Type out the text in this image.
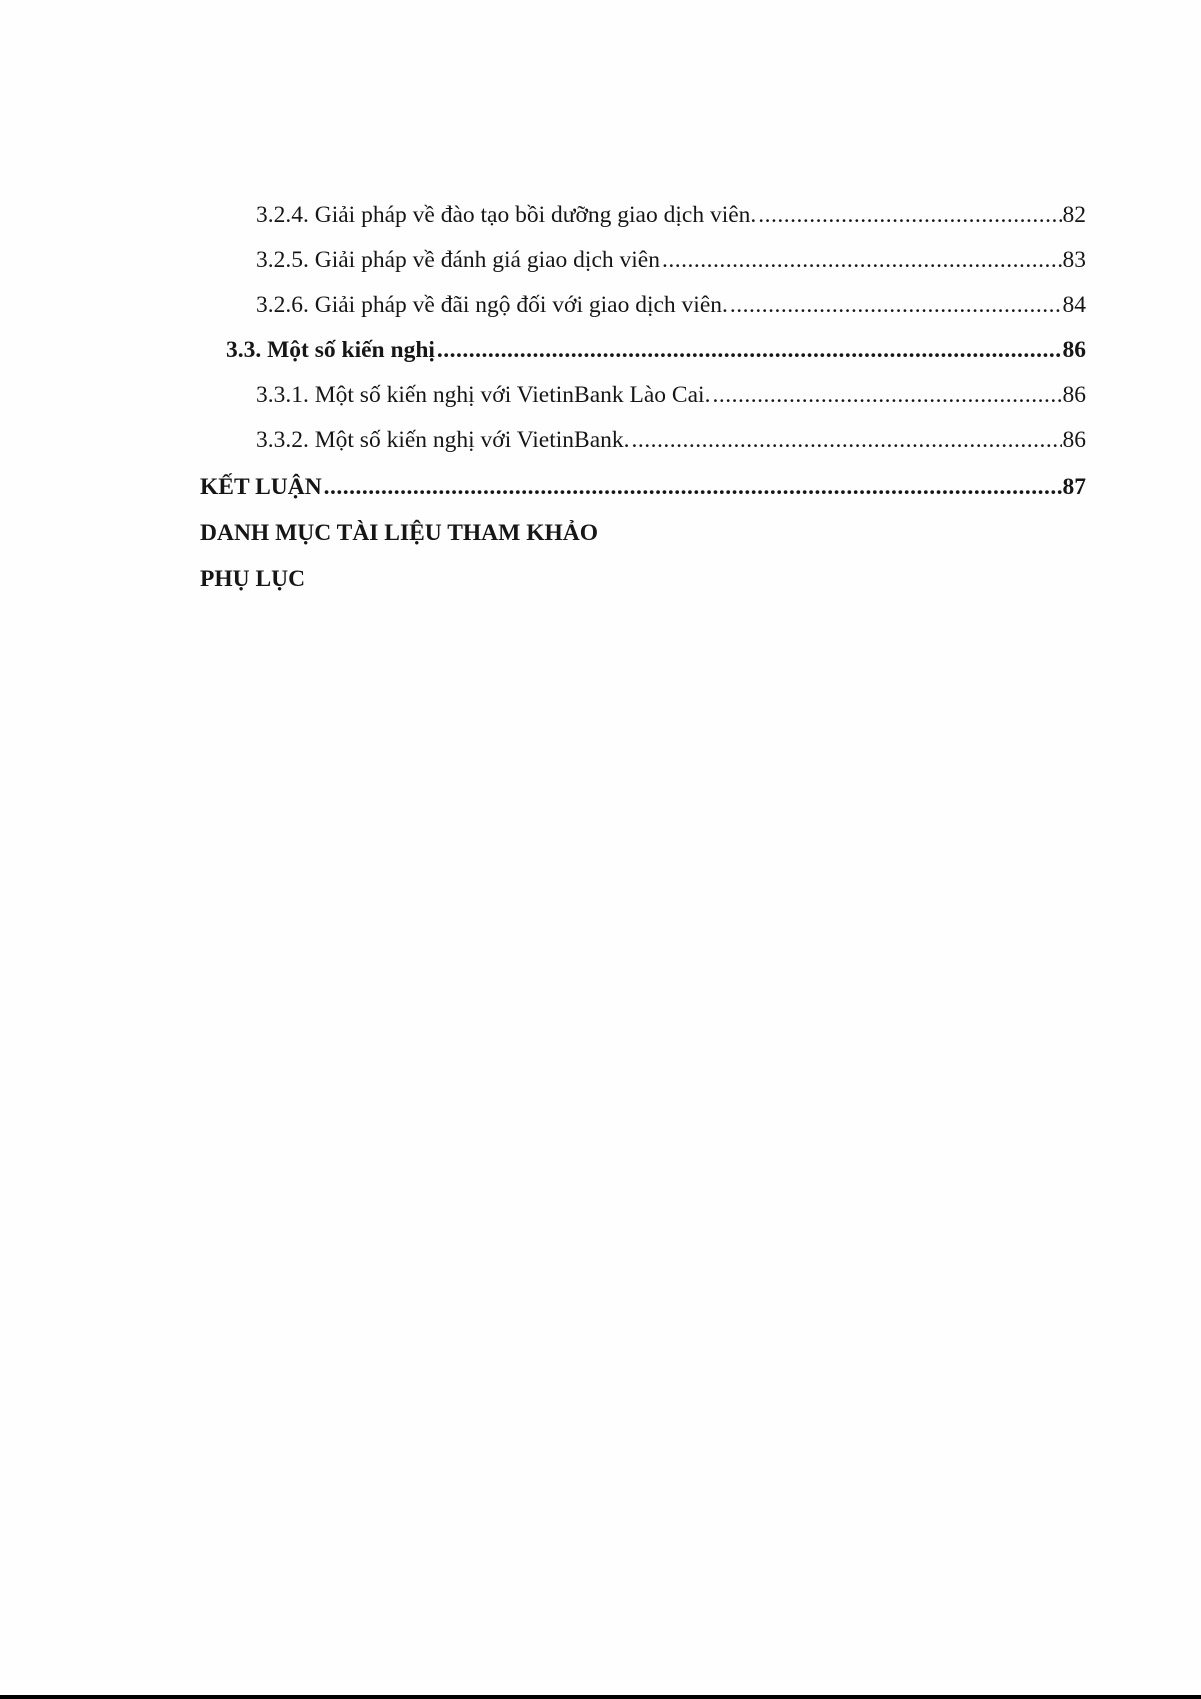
3.2.4. Giải pháp về đào tạo bồi dưỡng giao dịch viên. .....	82
3.2.5. Giải pháp về đánh giá giao dịch viên .....	83
3.2.6. Giải pháp về đãi ngộ đối với giao dịch viên. .....	84
3.3. Một số kiến nghị .....	86
3.3.1. Một số kiến nghị với VietinBank Lào Cai. .....	86
3.3.2. Một số kiến nghị với VietinBank. .....	86
KẾT LUẬN .....	87
DANH MỤC TÀI LIỆU THAM KHẢO
PHỤ LỤC
